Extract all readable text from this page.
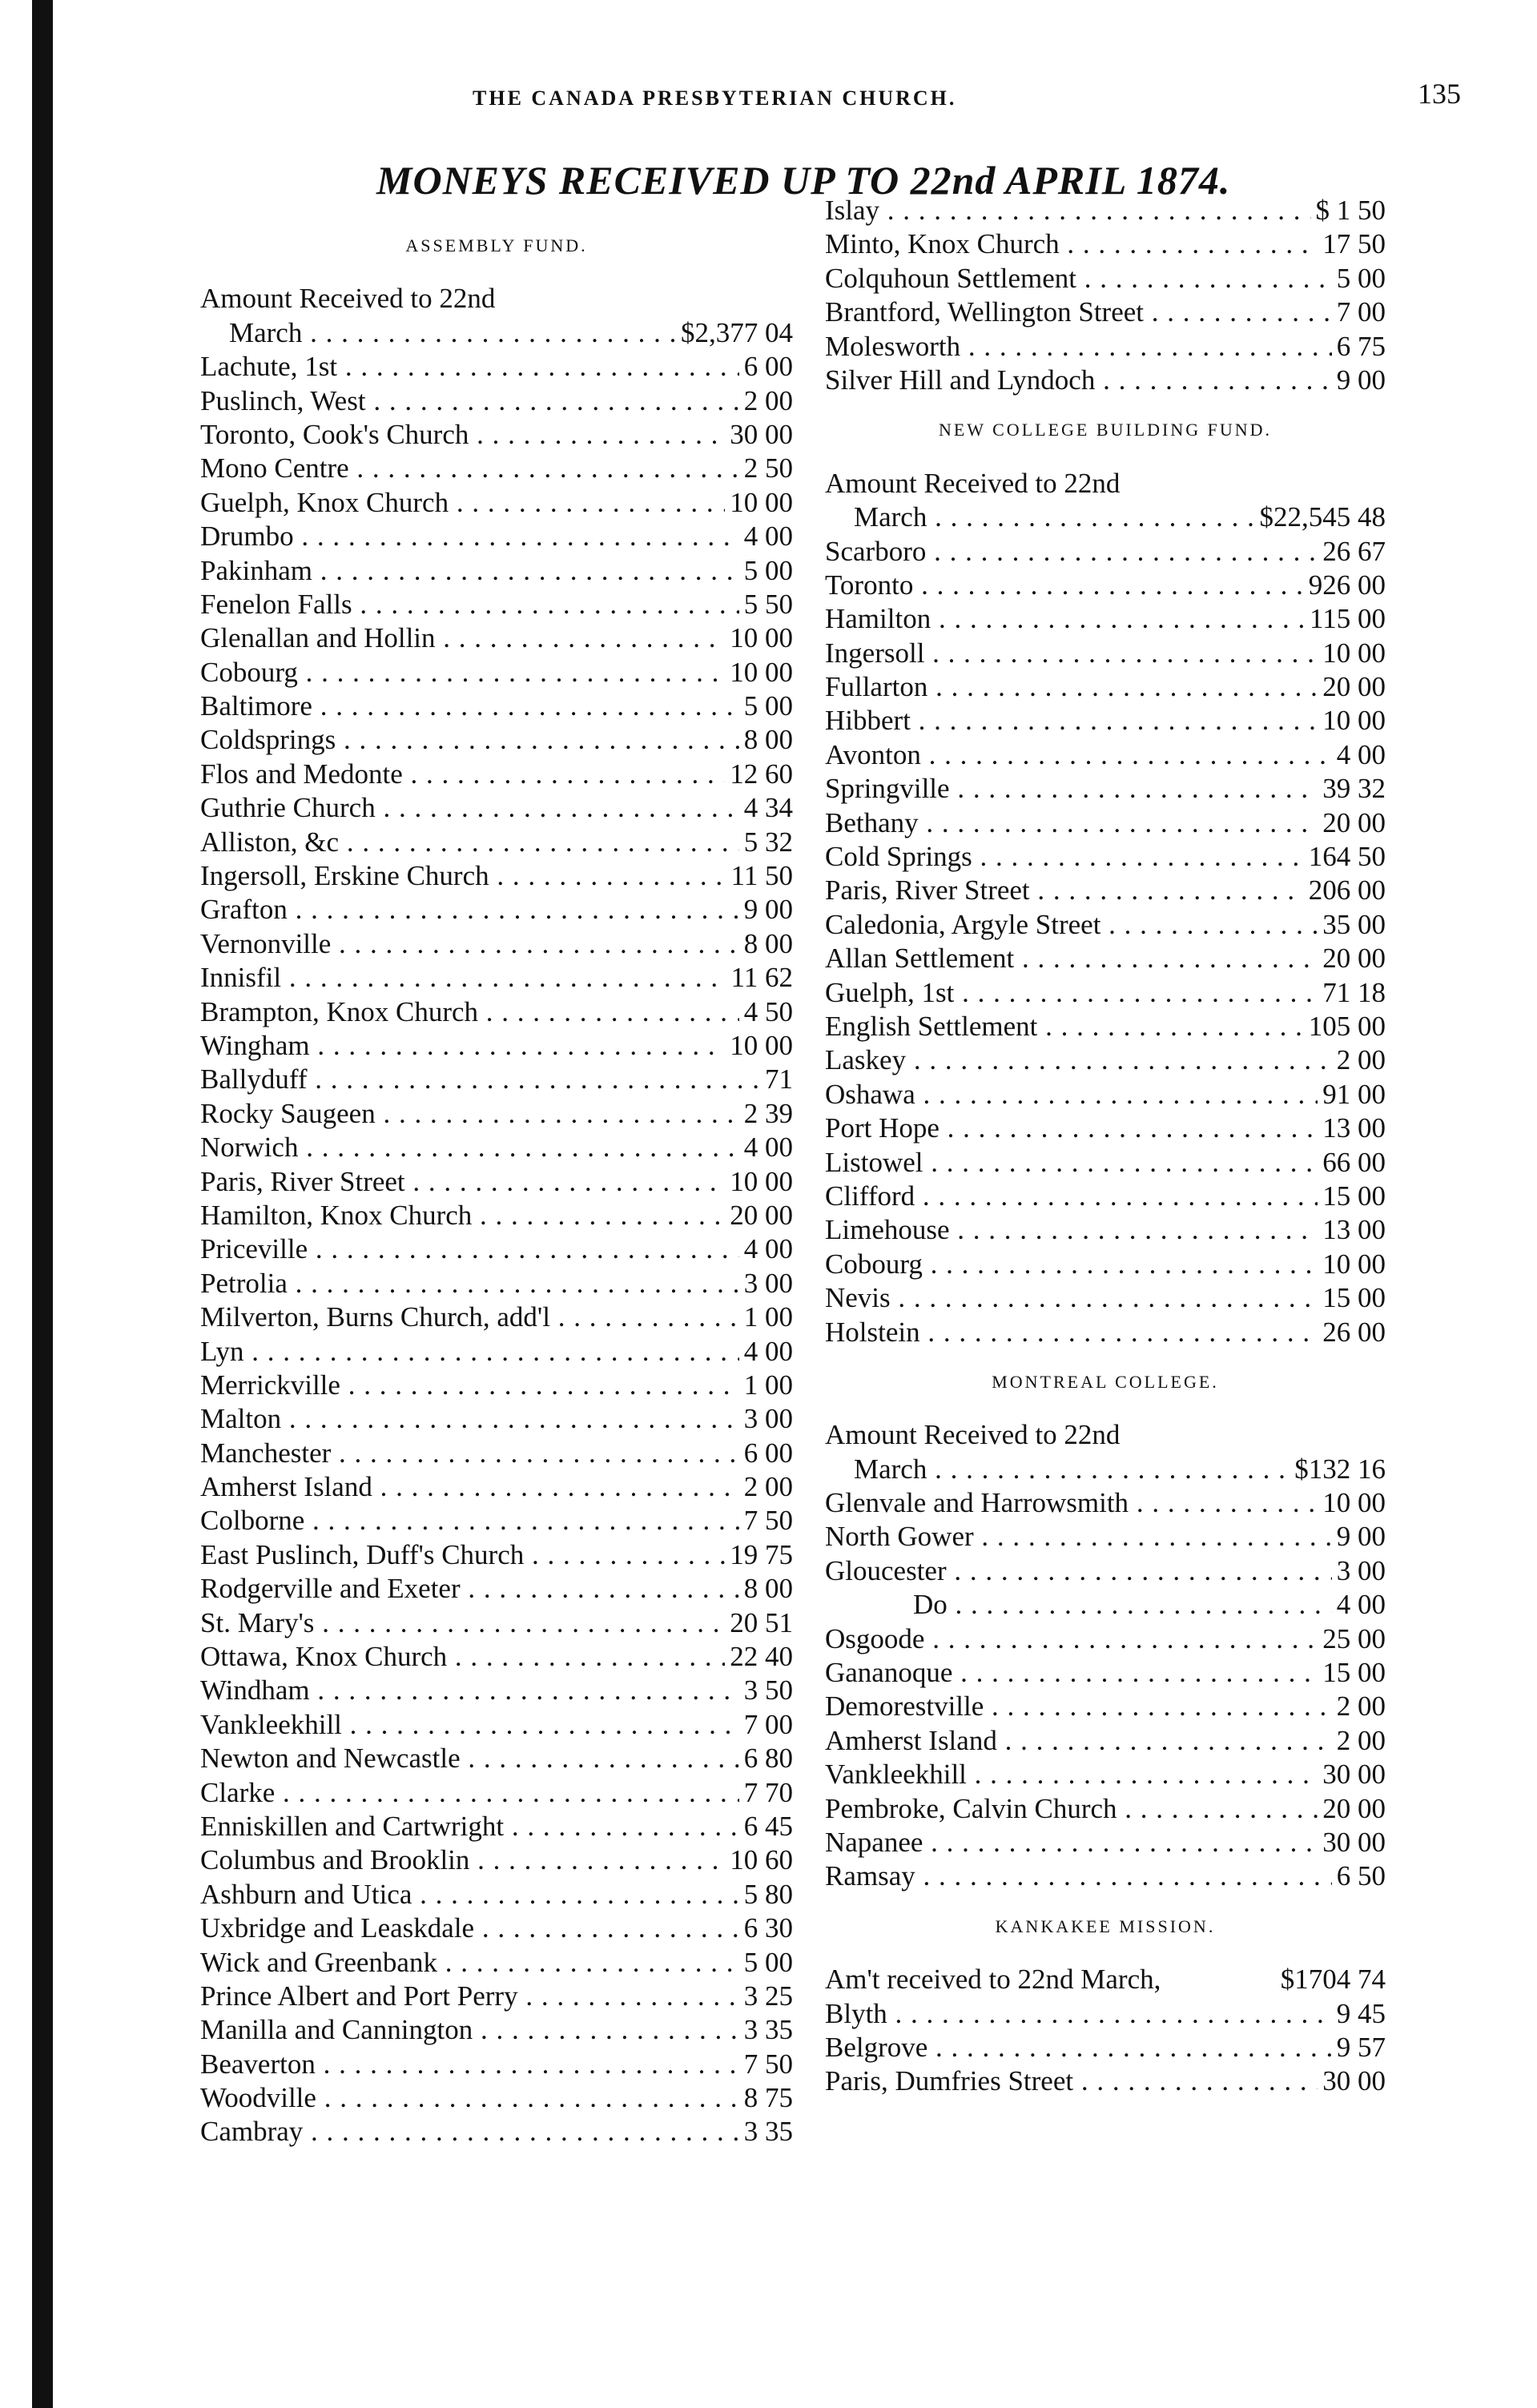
THE CANADA PRESBYTERIAN CHURCH.	135
MONEYS RECEIVED UP TO 22nd APRIL 1874.
ASSEMBLY FUND.
Amount Received to 22nd
March . . .	$2,377 04
Lachute, 1st . . .	6 00
Puslinch, West . . .	2 00
Toronto, Cook's Church . . .	30 00
Mono Centre . . .	2 50
Guelph, Knox Church . . .	10 00
Drumbo . . .	4 00
Pakinham . . .	5 00
Fenelon Falls . . .	5 50
Glenallan and Hollin . . .	10 00
Cobourg . . .	10 00
Baltimore . . .	5 00
Coldsprings . . .	8 00
Flos and Medonte . . .	12 60
Guthrie Church . . .	4 34
Alliston, &c . . .	5 32
Ingersoll, Erskine Church . . .	11 50
Grafton . . .	9 00
Vernonville . . .	8 00
Innisfil . . .	11 62
Brampton, Knox Church . . .	4 50
Wingham . . .	10 00
Ballyduff . . .	71
Rocky Saugeen . . .	2 39
Norwich . . .	4 00
Paris, River Street . . .	10 00
Hamilton, Knox Church . . .	20 00
Priceville . . .	4 00
Petrolia . . .	3 00
Milverton, Burns Church, add'l . . .	1 00
Lyn . . .	4 00
Merrickville . . .	1 00
Malton . . .	3 00
Manchester . . .	6 00
Amherst Island . . .	2 00
Colborne . . .	7 50
East Puslinch, Duff's Church . . .	19 75
Rodgerville and Exeter . . .	8 00
St. Mary's . . .	20 51
Ottawa, Knox Church . . .	22 40
Windham . . .	3 50
Vankleekhill . . .	7 00
Newton and Newcastle . . .	6 80
Clarke . . .	7 70
Enniskillen and Cartwright . . .	6 45
Columbus and Brooklin . . .	10 60
Ashburn and Utica . . .	5 80
Uxbridge and Leaskdale . . .	6 30
Wick and Greenbank . . .	5 00
Prince Albert and Port Perry . . .	3 25
Manilla and Cannington . . .	3 35
Beaverton . . .	7 50
Woodville . . .	8 75
Cambray . . .	3 35
Islay . . .	$ 1 50
Minto, Knox Church . . .	17 50
Colquhoun Settlement . . .	5 00
Brantford, Wellington Street . . .	7 00
Molesworth . . .	6 75
Silver Hill and Lyndoch . . .	9 00
NEW COLLEGE BUILDING FUND.
Amount Received to 22nd
March . . .	$22,545 48
Scarboro . . .	26 67
Toronto . . .	926 00
Hamilton . . .	115 00
Ingersoll . . .	10 00
Fullarton . . .	20 00
Hibbert . . .	10 00
Avonton . . .	4 00
Springville . . .	39 32
Bethany . . .	20 00
Cold Springs . . .	164 50
Paris, River Street . . .	206 00
Caledonia, Argyle Street . . .	35 00
Allan Settlement . . .	20 00
Guelph, 1st . . .	71 18
English Settlement . . .	105 00
Laskey . . .	2 00
Oshawa . . .	91 00
Port Hope . . .	13 00
Listowel . . .	66 00
Clifford . . .	15 00
Limehouse . . .	13 00
Cobourg . . .	10 00
Nevis . . .	15 00
Holstein . . .	26 00
MONTREAL COLLEGE.
Amount Received to 22nd
March . . .	$132 16
Glenvale and Harrowsmith . . .	10 00
North Gower . . .	9 00
Gloucester . . .	3 00
Do . . .	4 00
Osgoode . . .	25 00
Gananoque . . .	15 00
Demorestville . . .	2 00
Amherst Island . . .	2 00
Vankleekhill . . .	30 00
Pembroke, Calvin Church . . .	20 00
Napanee . . .	30 00
Ramsay . . .	6 50
KANKAKEE MISSION.
Am't received to 22nd March,	$1704 74
Blyth . . .	9 45
Belgrove . . .	9 57
Paris, Dumfries Street . . .	30 00
